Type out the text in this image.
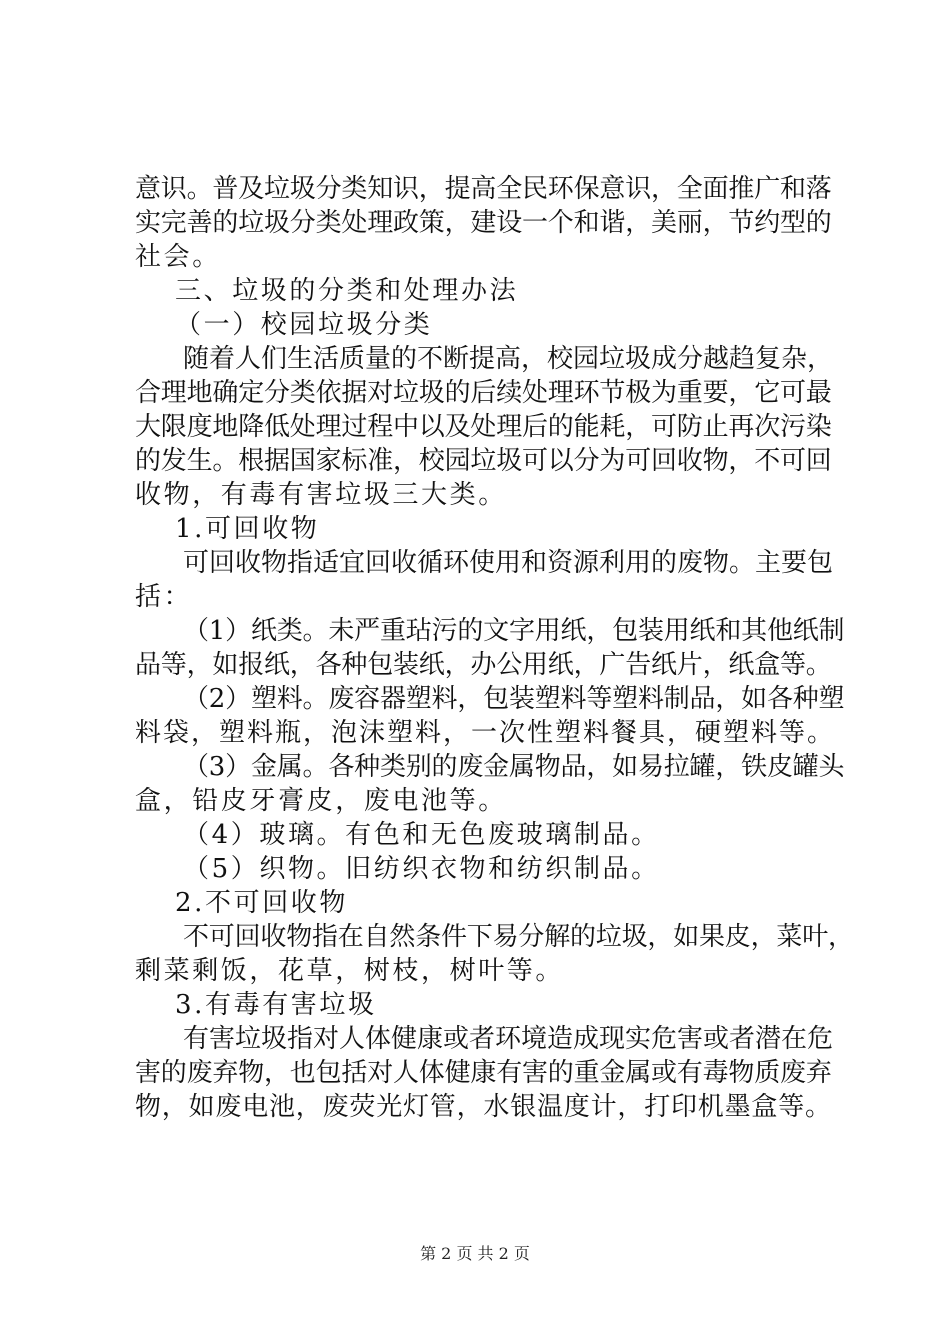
意识。普及垃圾分类知识，提高全民环保意识，全面推广和落
实完善的垃圾分类处理政策，建设一个和谐，美丽，节约型的
社会。
三、垃圾的分类和处理办法
（一）校园垃圾分类
随着人们生活质量的不断提高，校园垃圾成分越趋复杂，
合理地确定分类依据对垃圾的后续处理环节极为重要，它可最
大限度地降低处理过程中以及处理后的能耗，可防止再次污染
的发生。根据国家标准，校园垃圾可以分为可回收物，不可回
收物，有毒有害垃圾三大类。
1.可回收物
可回收物指适宜回收循环使用和资源利用的废物。主要包
括：
（1）纸类。未严重玷污的文字用纸，包装用纸和其他纸制
品等，如报纸，各种包装纸，办公用纸，广告纸片，纸盒等。
（2）塑料。废容器塑料，包装塑料等塑料制品，如各种塑
料袋，塑料瓶，泡沫塑料，一次性塑料餐具，硬塑料等。
（3）金属。各种类别的废金属物品，如易拉罐，铁皮罐头
盒，铅皮牙膏皮，废电池等。
（4）玻璃。有色和无色废玻璃制品。
（5）织物。旧纺织衣物和纺织制品。
2.不可回收物
不可回收物指在自然条件下易分解的垃圾，如果皮，菜叶，
剩菜剩饭，花草，树枝，树叶等。
3.有毒有害垃圾
有害垃圾指对人体健康或者环境造成现实危害或者潜在危
害的废弃物，也包括对人体健康有害的重金属或有毒物质废弃
物，如废电池，废荧光灯管，水银温度计，打印机墨盒等。
第 2 页 共 2 页
